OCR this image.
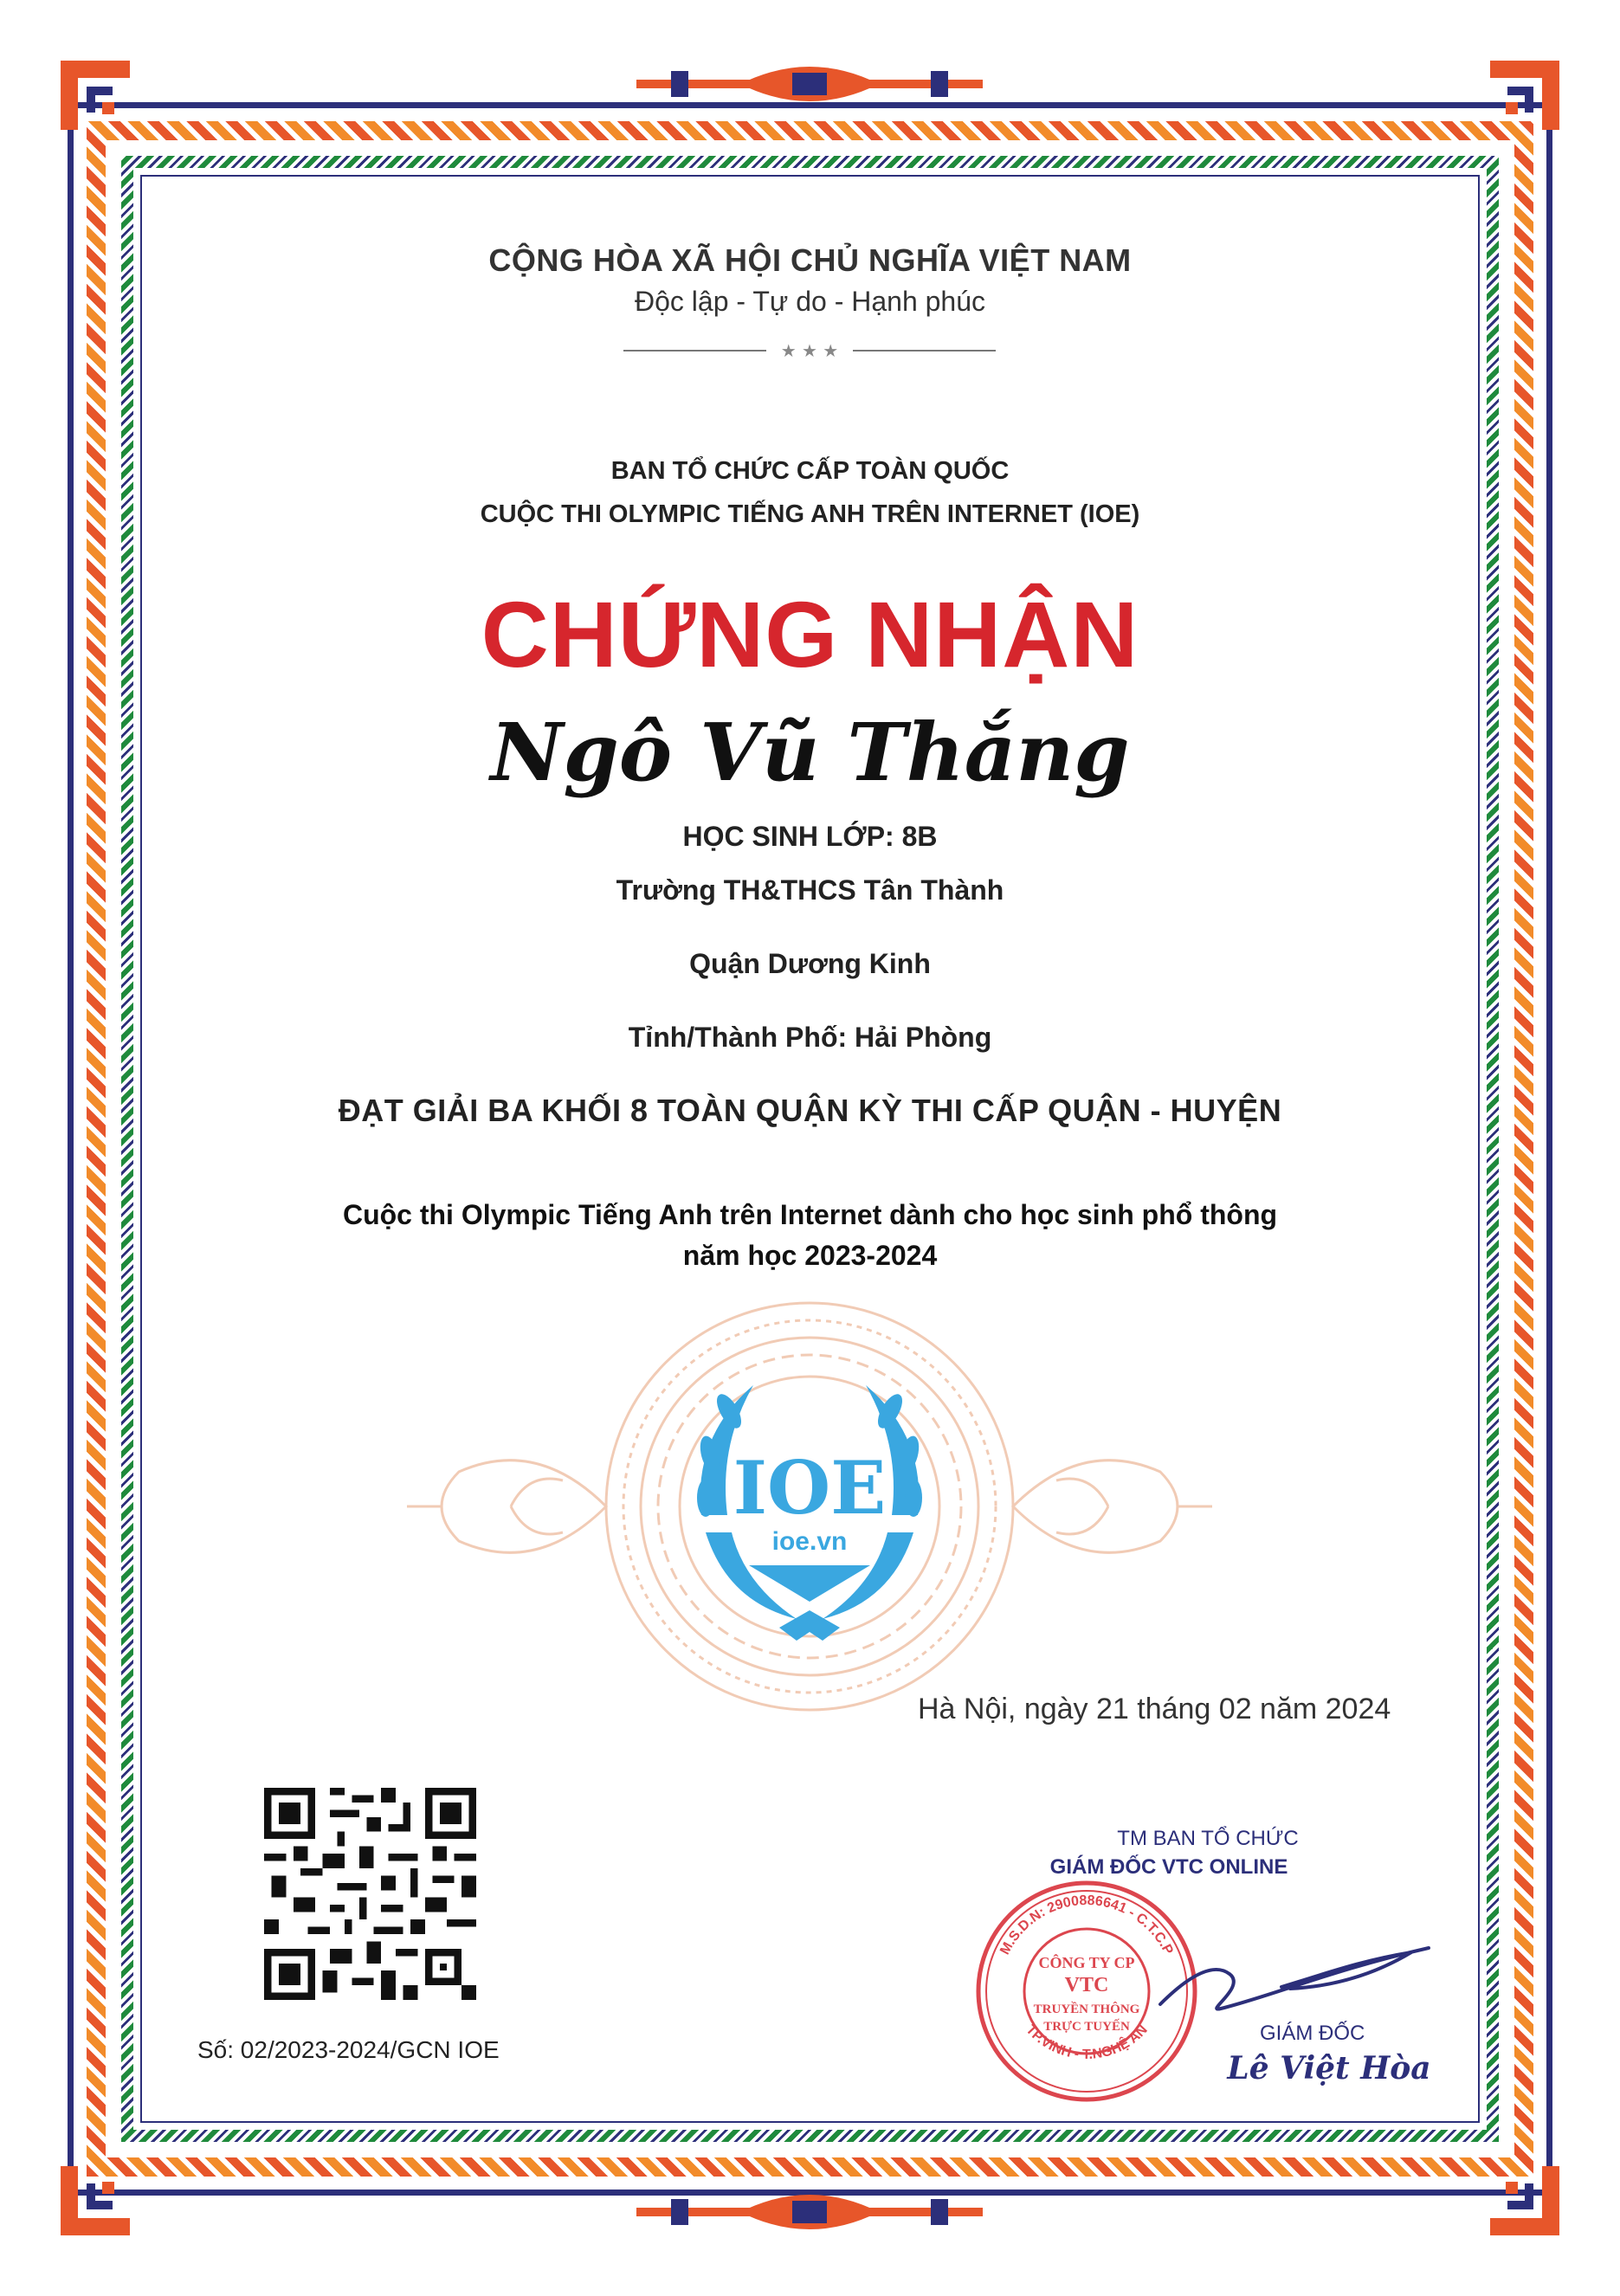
CỘNG HÒA XÃ HỘI CHỦ NGHĨA VIỆT NAM
Độc lập - Tự do - Hạnh phúc
★ ★ ★
BAN TỔ CHỨC CẤP TOÀN QUỐC
CUỘC THI OLYMPIC TIẾNG ANH TRÊN INTERNET (IOE)
CHỨNG NHẬN
Ngô Vũ Thắng
HỌC SINH LỚP: 8B
Trường TH&THCS Tân Thành
Quận Dương Kinh
Tỉnh/Thành Phố: Hải Phòng
ĐẠT GIẢI BA KHỐI 8 TOÀN QUẬN KỲ THI CẤP QUẬN - HUYỆN
Cuộc thi Olympic Tiếng Anh trên Internet dành cho học sinh phổ thông
năm học 2023-2024
IOE
ioe.vn
Hà Nội, ngày 21 tháng 02 năm 2024
Số: 02/2023-2024/GCN IOE
TM BAN TỔ CHỨC
GIÁM ĐỐC VTC ONLINE
M.S.D.N: 2900886641 - C.T.C.P
TP.VINH - T.NGHỆ AN
CÔNG TY CP
VTC
TRUYỀN THÔNG
TRỰC TUYẾN	GIÁM ĐỐC
Lê Việt Hòa
